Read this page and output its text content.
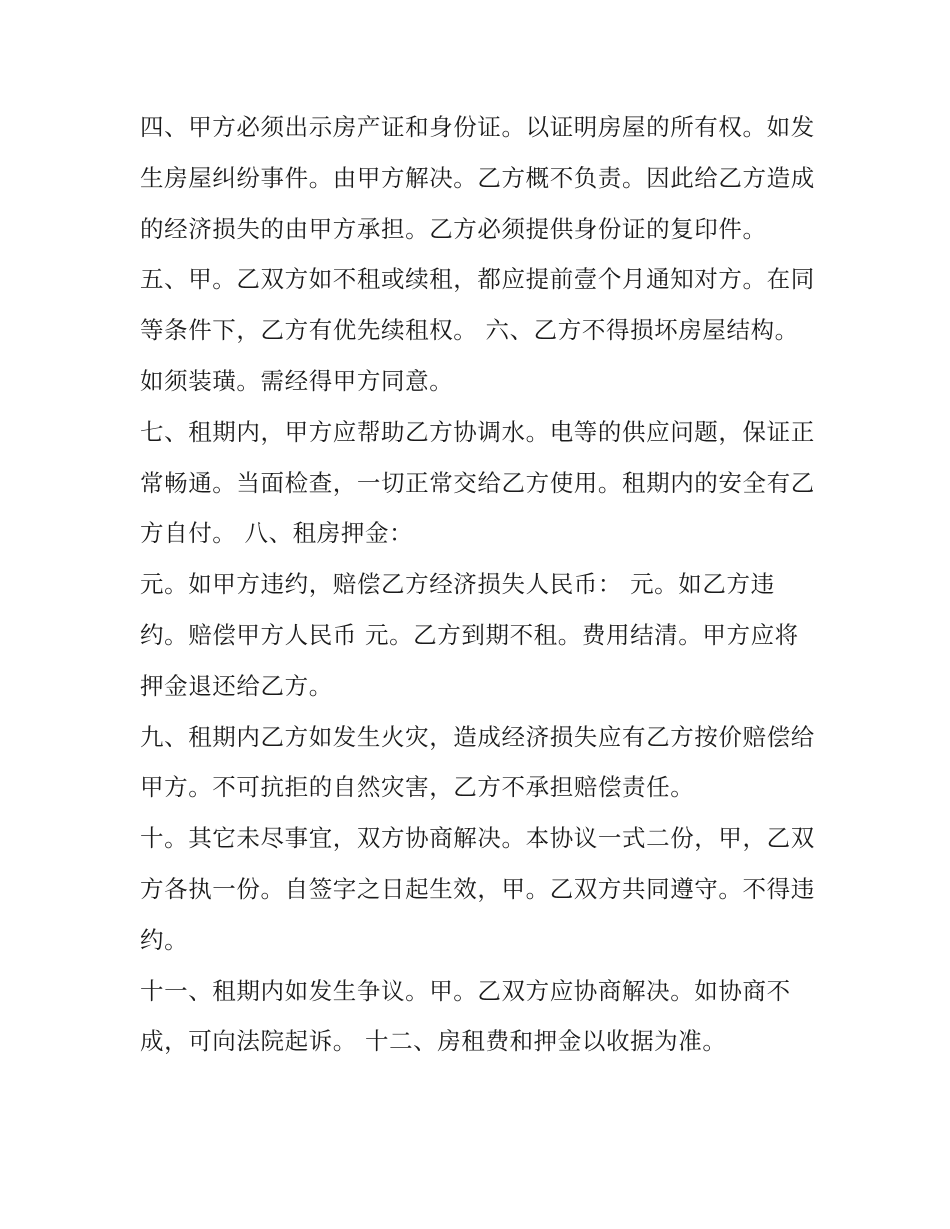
四、甲方必须出示房产证和身份证。以证明房屋的所有权。如发生房屋纠纷事件。由甲方解决。乙方概不负责。因此给乙方造成的经济损失的由甲方承担。乙方必须提供身份证的复印件。

五、甲。乙双方如不租或续租，都应提前壹个月通知对方。在同等条件下，乙方有优先续租权。 六、乙方不得损坏房屋结构。如须装璜。需经得甲方同意。

七、租期内，甲方应帮助乙方协调水。电等的供应问题，保证正常畅通。当面检查，一切正常交给乙方使用。租期内的安全有乙方自付。 八、租房押金：

元。如甲方违约，赔偿乙方经济损失人民币： 元。如乙方违约。赔偿甲方人民币 元。乙方到期不租。费用结清。甲方应将押金退还给乙方。

九、租期内乙方如发生火灾，造成经济损失应有乙方按价赔偿给甲方。不可抗拒的自然灾害，乙方不承担赔偿责任。

十。其它未尽事宜，双方协商解决。本协议一式二份，甲，乙双方各执一份。自签字之日起生效，甲。乙双方共同遵守。不得违约。

十一、租期内如发生争议。甲。乙双方应协商解决。如协商不成，可向法院起诉。 十二、房租费和押金以收据为准。
